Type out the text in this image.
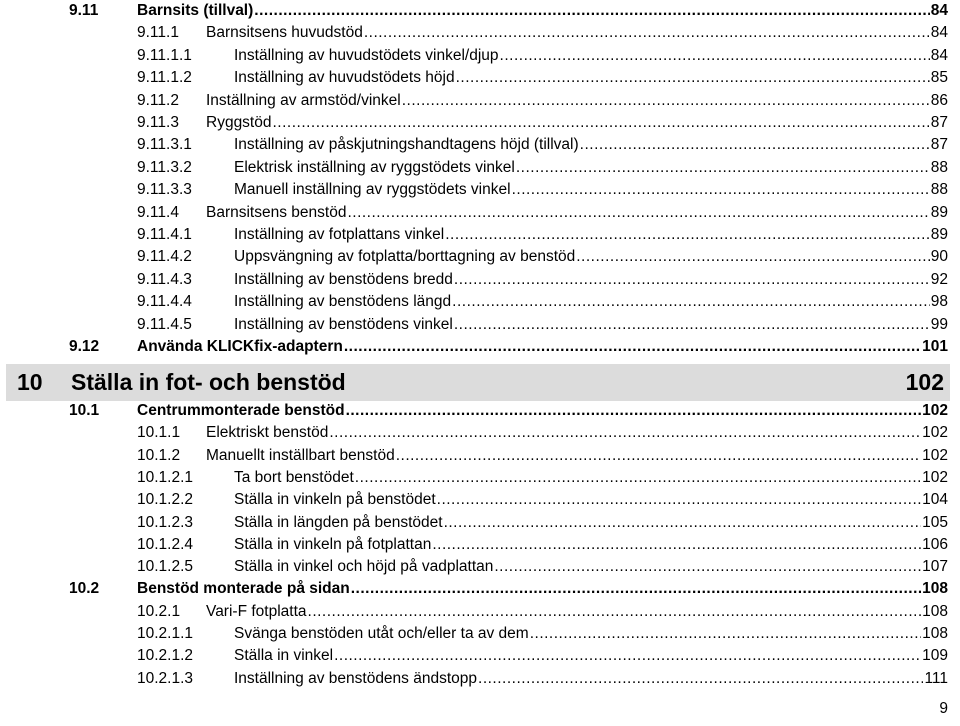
9.11 Barnsits (tillval) .....	84
9.11.1 Barnsitsens huvudstöd .....	84
9.11.1.1	Inställning av huvudstödets vinkel/djup .....	84
9.11.1.2	Inställning av huvudstödets höjd .....	85
9.11.2 Inställning av armstöd/vinkel .....	86
9.11.3 Ryggstöd .....	87
9.11.3.1	Inställning av påskjutningshandtagens höjd (tillval) .....	87
9.11.3.2	Elektrisk inställning av ryggstödets vinkel .....	88
9.11.3.3	Manuell inställning av ryggstödets vinkel .....	88
9.11.4 Barnsitsens benstöd .....	89
9.11.4.1	Inställning av fotplattans vinkel .....	89
9.11.4.2	Uppsvängning av fotplatta/borttagning av benstöd .....	90
9.11.4.3	Inställning av benstödens bredd .....	92
9.11.4.4	Inställning av benstödens längd .....	98
9.11.4.5	Inställning av benstödens vinkel .....	99
9.12 Använda KLICKfix-adaptern .....	101
10 Ställa in fot- och benstöd	102
10.1 Centrummonterade benstöd .....	102
10.1.1 Elektriskt benstöd .....	102
10.1.2 Manuellt inställbart benstöd .....	102
10.1.2.1	Ta bort benstödet .....	102
10.1.2.2	Ställa in vinkeln på benstödet .....	104
10.1.2.3	Ställa in längden på benstödet .....	105
10.1.2.4	Ställa in vinkeln på fotplattan .....	106
10.1.2.5	Ställa in vinkel och höjd på vadplattan .....	107
10.2 Benstöd monterade på sidan .....	108
10.2.1 Vari-F fotplatta .....	108
10.2.1.1	Svänga benstöden utåt och/eller ta av dem .....	108
10.2.1.2	Ställa in vinkel .....	109
10.2.1.3	Inställning av benstödens ändstopp .....	111
9
